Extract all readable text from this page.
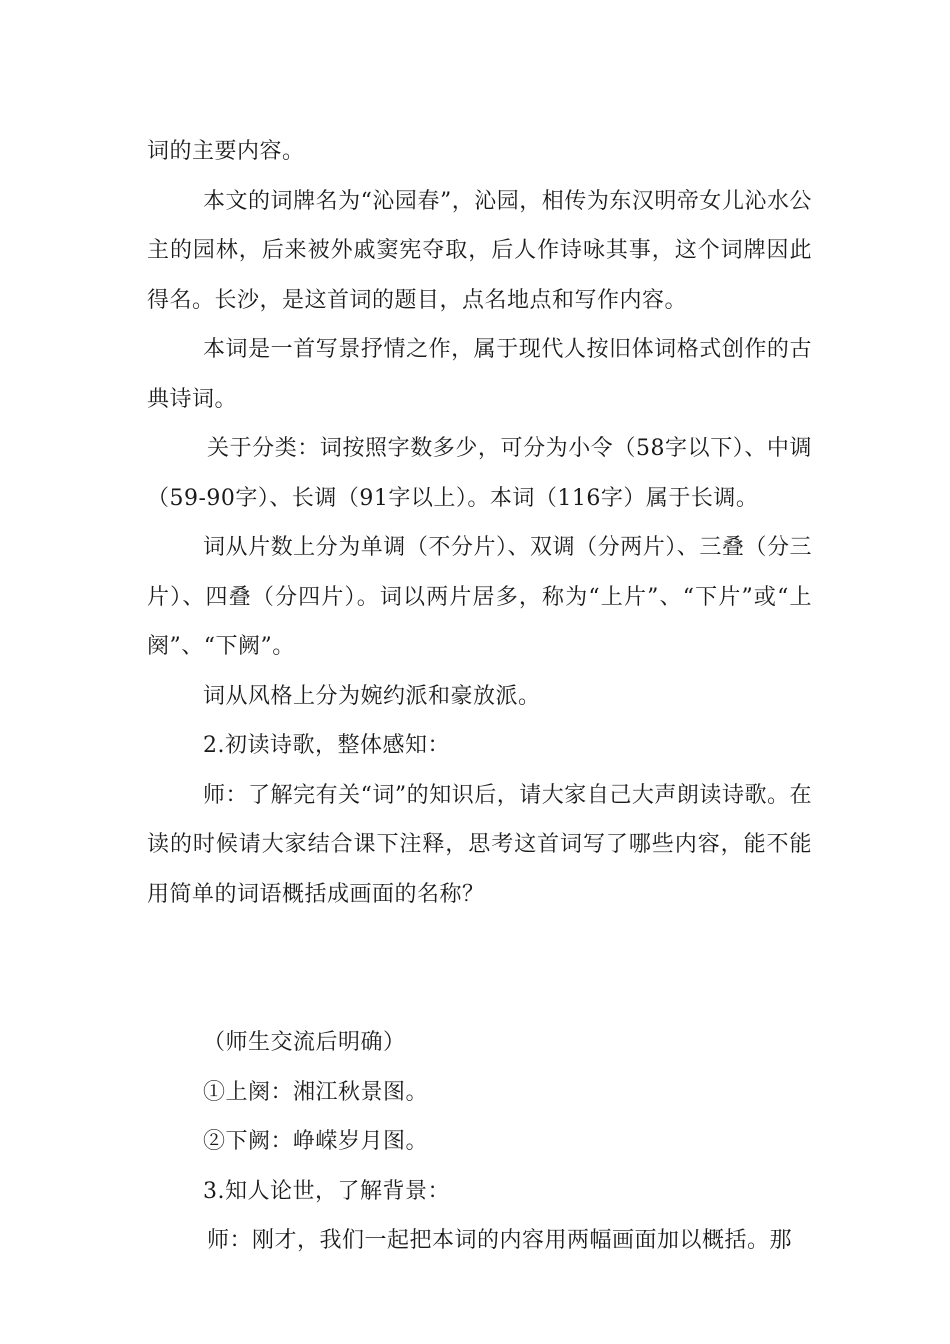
词的主要内容。

本文的词牌名为“沁园春”，沁园，相传为东汉明帝女儿沁水公主的园林，后来被外戚窦宪夺取，后人作诗咏其事，这个词牌因此得名。长沙，是这首词的题目，点名地点和写作内容。

本词是一首写景抒情之作，属于现代人按旧体词格式创作的古典诗词。

关于分类：词按照字数多少，可分为小令（58字以下）、中调（59-90字）、长调（91字以上）。本词（116字）属于长调。

词从片数上分为单调（不分片）、双调（分两片）、三叠（分三片）、四叠（分四片）。词以两片居多，称为“上片”、“下片”或“上阕”、“下阙”。

词从风格上分为婉约派和豪放派。

2.初读诗歌，整体感知：

师：了解完有关“词”的知识后，请大家自己大声朗读诗歌。在读的时候请大家结合课下注释，思考这首词写了哪些内容，能不能用简单的词语概括成画面的名称？

（师生交流后明确）

①上阕：湘江秋景图。

②下阙：峥嵘岁月图。

3.知人论世，了解背景：

师：刚才，我们一起把本词的内容用两幅画面加以概括。那
